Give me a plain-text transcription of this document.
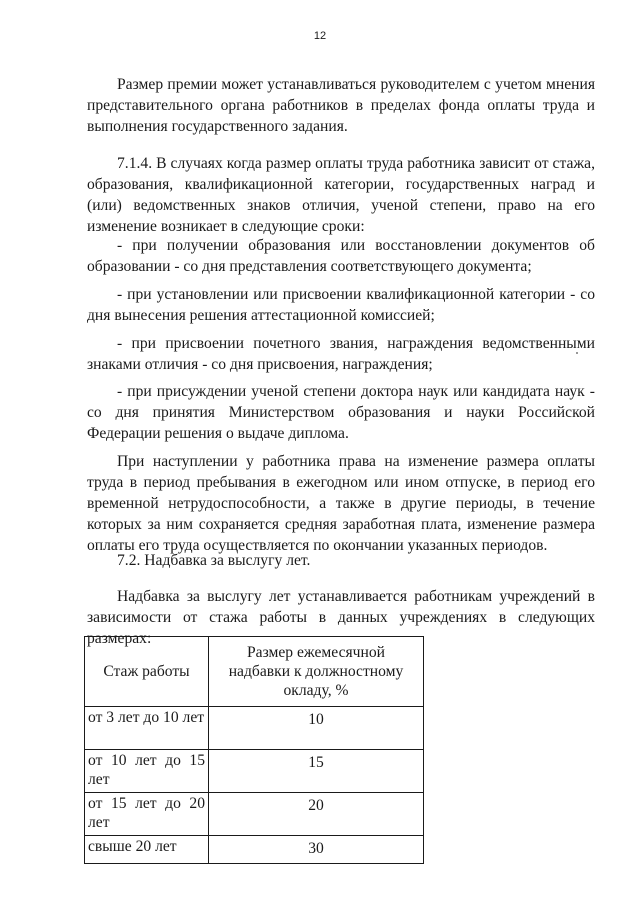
12

Размер премии может устанавливаться руководителем с учетом мнения представительного органа работников в пределах фонда оплаты труда и выполнения государственного задания.

7.1.4. В случаях когда размер оплаты труда работника зависит от стажа, образования, квалификационной категории, государственных наград и (или) ведомственных знаков отличия, ученой степени, право на его изменение возникает в следующие сроки:

- при получении образования или восстановлении документов об образовании - со дня представления соответствующего документа;

- при установлении или присвоении квалификационной категории - со дня вынесения решения аттестационной комиссией;

- при присвоении почетного звания, награждения ведомственными знаками отличия - со дня присвоения, награждения;

- при присуждении ученой степени доктора наук или кандидата наук - со дня принятия Министерством образования и науки Российской Федерации решения о выдаче диплома.

При наступлении у работника права на изменение размера оплаты труда в период пребывания в ежегодном или ином отпуске, в период его временной нетрудоспособности, а также в другие периоды, в течение которых за ним сохраняется средняя заработная плата, изменение размера оплаты его труда осуществляется по окончании указанных периодов.

7.2. Надбавка за выслугу лет.

Надбавка за выслугу лет устанавливается работникам учреждений в зависимости от стажа работы в данных учреждениях в следующих размерах:

Стаж работы	Размер ежемесячной надбавки к должностному окладу, %
от 3 лет до 10 лет	10
от 10 лет до 15 лет	15
от 15 лет до 20 лет	20
свыше 20 лет	30
